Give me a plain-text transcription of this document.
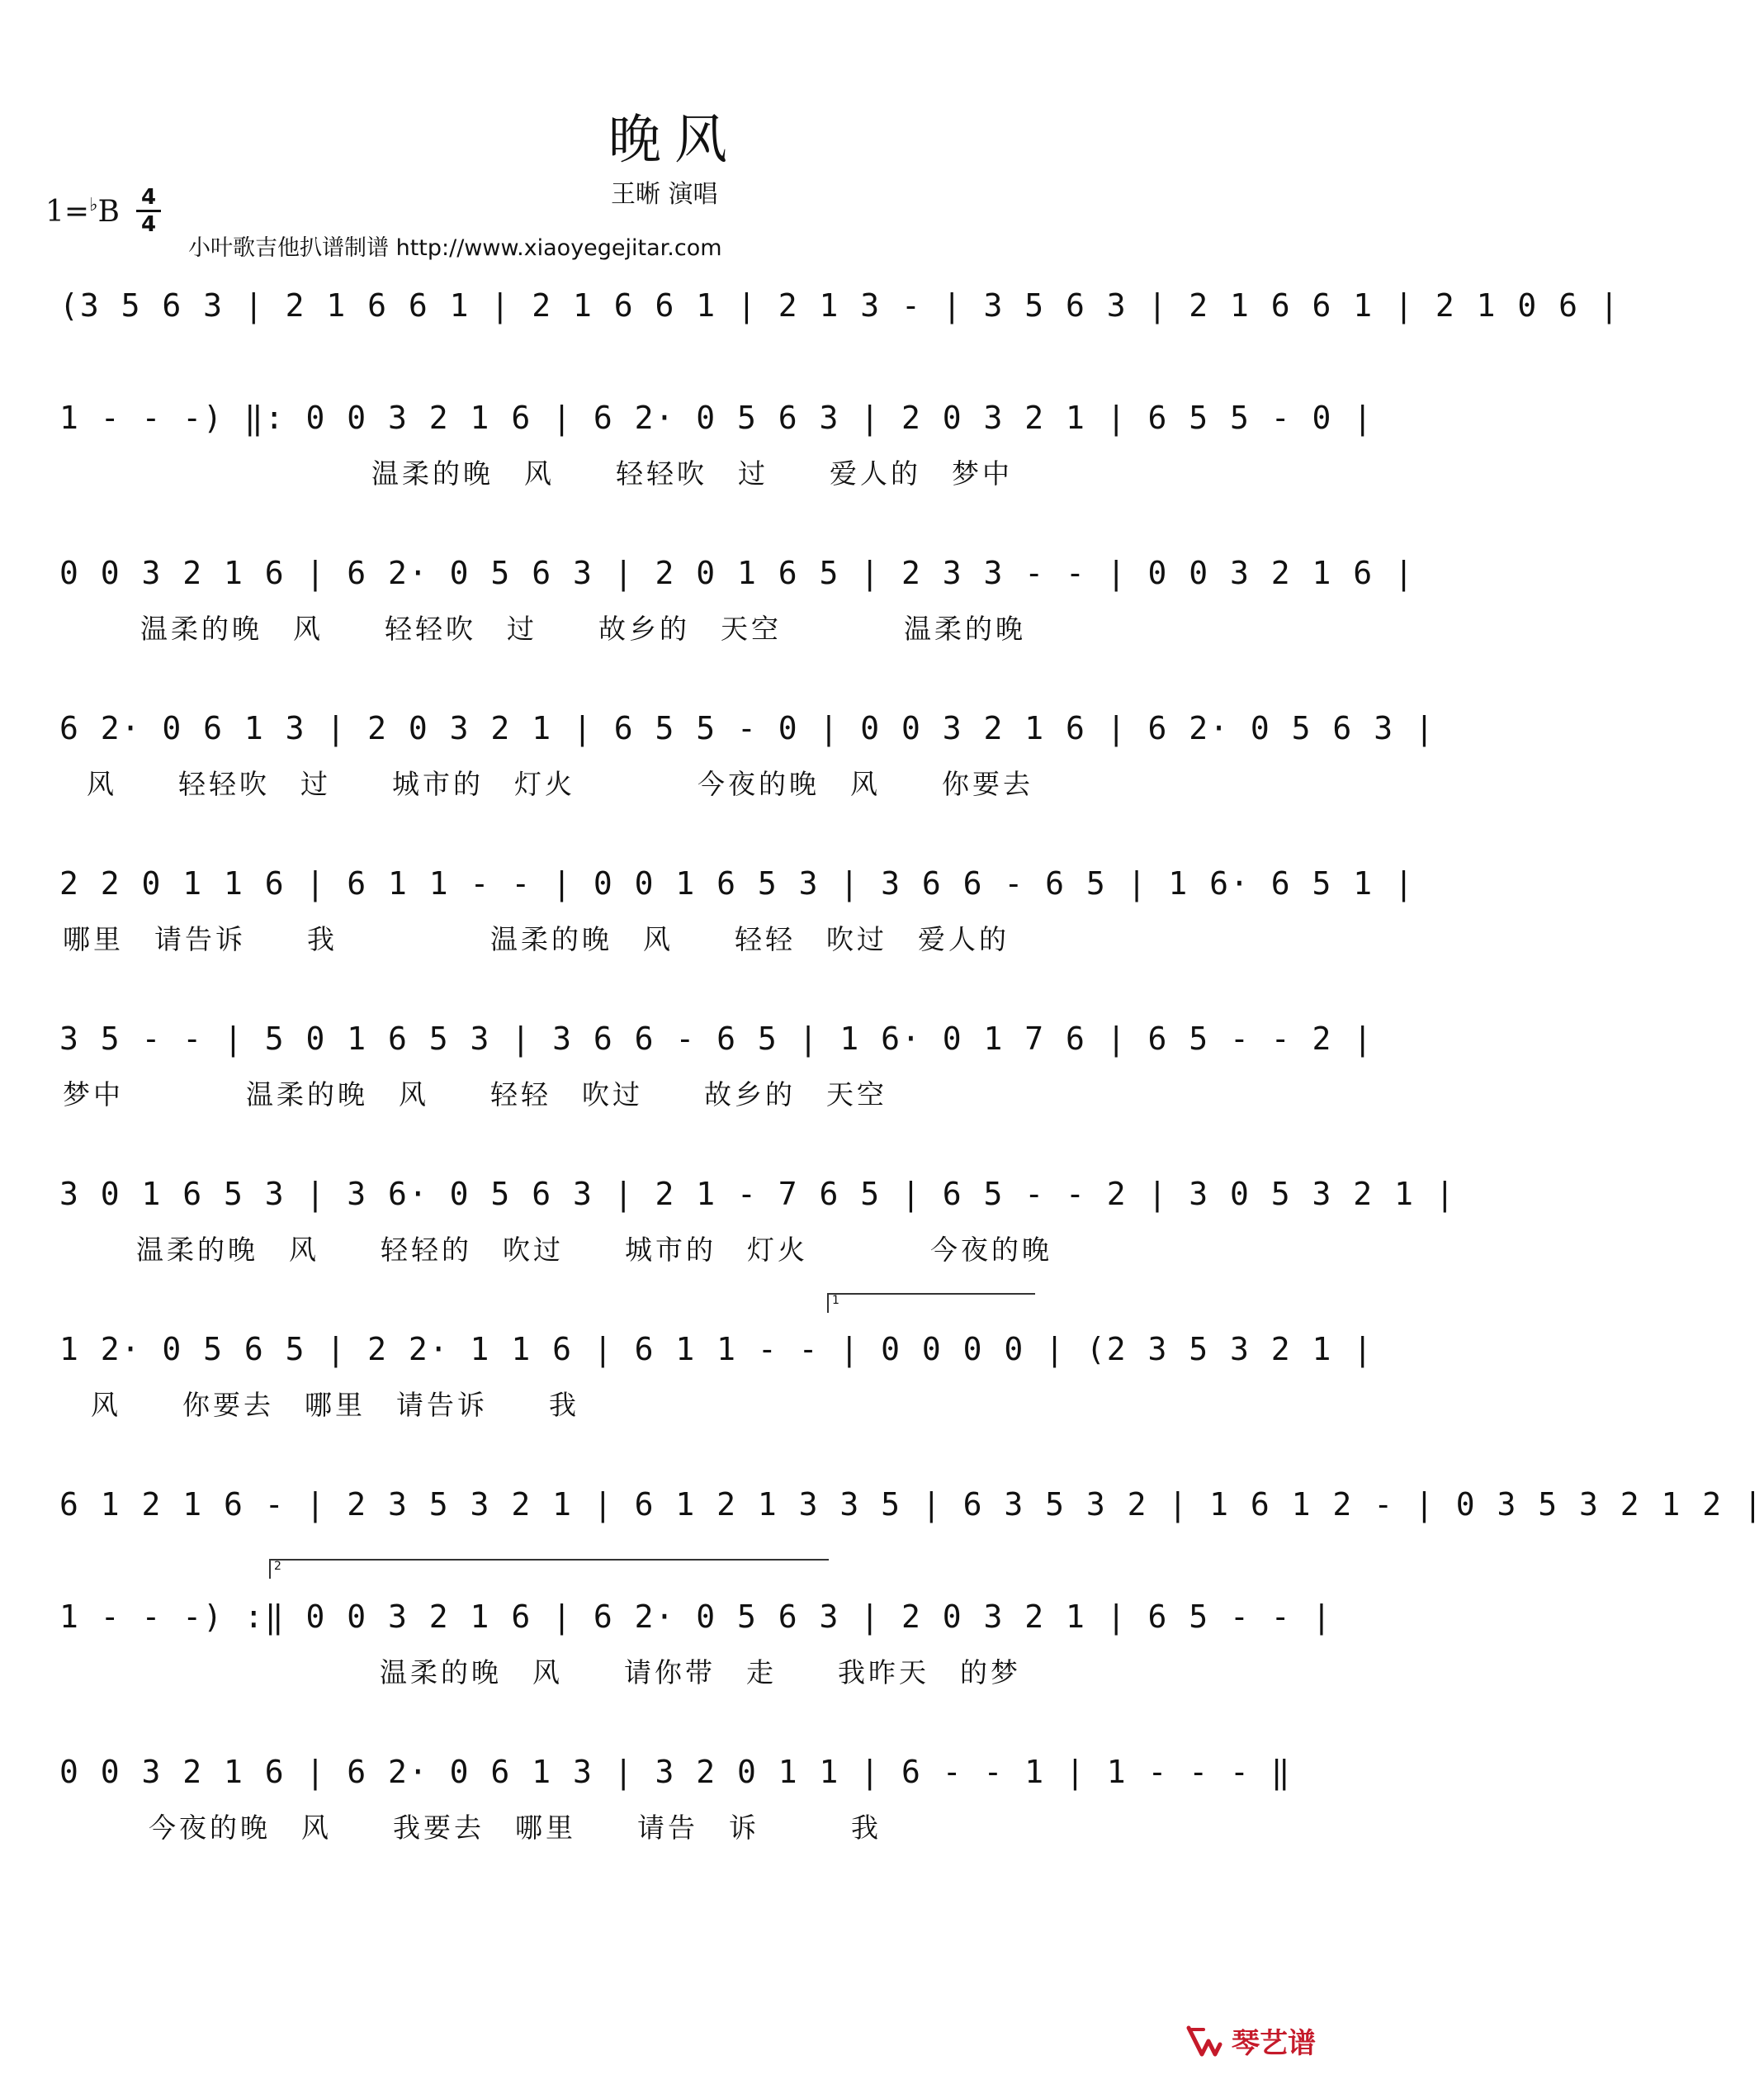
晚风
王晰 演唱
1=♭B 4
4
小叶歌吉他扒谱制谱 http://www.xiaoyegejitar.com
(3 5 6 3 | 2 1 6 6 1 | 2 1 6 6 1 | 2 1 3 - | 3 5 6 3 | 2 1 6 6 1 | 2 1 0 6 |
1 - - -) ‖: 0 0 3 2 1 6 | 6 2· 0 5 6 3 | 2 0 3 2 1 | 6 5 5 - 0 |
温柔的晚　风　　轻轻吹　过　　爱人的　梦中
0 0 3 2 1 6 | 6 2· 0 5 6 3 | 2 0 1 6 5 | 2 3 3 - - | 0 0 3 2 1 6 |
温柔的晚　风　　轻轻吹　过　　故乡的　天空　　　　温柔的晚
6 2· 0 6 1 3 | 2 0 3 2 1 | 6 5 5 - 0 | 0 0 3 2 1 6 | 6 2· 0 5 6 3 |
风　　轻轻吹　过　　城市的　灯火　　　　今夜的晚　风　　你要去
2 2 0 1 1 6 | 6 1 1 - - | 0 0 1 6 5 3 | 3 6 6 - 6 5 | 1 6· 6 5 1 |
哪里　请告诉　　我　　　　　温柔的晚　风　　轻轻　吹过　爱人的
3 5 - - | 5 0 1 6 5 3 | 3 6 6 - 6 5 | 1 6· 0 1 7 6 | 6 5 - - 2 |
梦中　　　　温柔的晚　风　　轻轻　吹过　　故乡的　天空
3 0 1 6 5 3 | 3 6· 0 5 6 3 | 2 1 - 7 6 5 | 6 5 - - 2 | 3 0 5 3 2 1 |
温柔的晚　风　　轻轻的　吹过　　城市的　灯火　　　　今夜的晚
1
1 2· 0 5 6 5 | 2 2· 1 1 6 | 6 1 1 - - | 0 0 0 0 | (2 3 5 3 2 1 |
风　　你要去　哪里　请告诉　　我
6 1 2 1 6 - | 2 3 5 3 2 1 | 6 1 2 1 3 3 5 | 6 3 5 3 2 | 1 6 1 2 - | 0 3 5 3 2 1 2 |
2
1 - - -) :‖ 0 0 3 2 1 6 | 6 2· 0 5 6 3 | 2 0 3 2 1 | 6 5 - - |
温柔的晚　风　　请你带　走　　我昨天　的梦
0 0 3 2 1 6 | 6 2· 0 6 1 3 | 3 2 0 1 1 | 6 - - 1 | 1 - - - ‖
今夜的晚　风　　我要去　哪里　　请告　诉　　　我
琴艺谱
